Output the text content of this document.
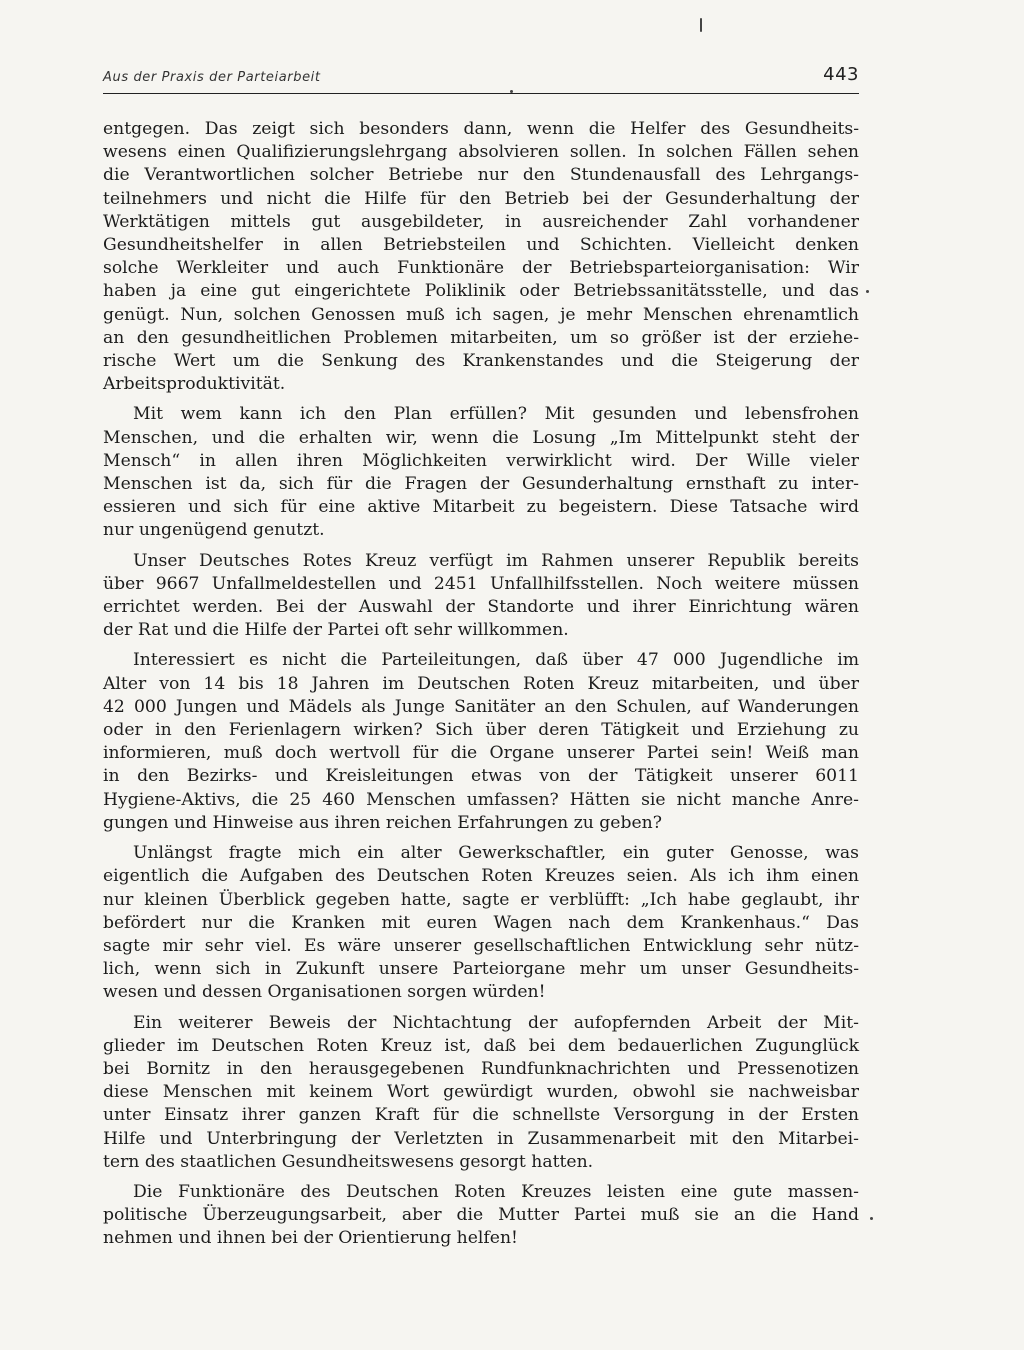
Aus der Praxis der Parteiarbeit	443

entgegen. Das zeigt sich besonders dann, wenn die Helfer des Gesundheits-
wesens einen Qualifizierungslehrgang absolvieren sollen. In solchen Fällen sehen
die Verantwortlichen solcher Betriebe nur den Stundenausfall des Lehrgangs-
teilnehmers und nicht die Hilfe für den Betrieb bei der Gesunderhaltung der
Werktätigen mittels gut ausgebildeter, in ausreichender Zahl vorhandener
Gesundheitshelfer in allen Betriebsteilen und Schichten. Vielleicht denken
solche Werkleiter und auch Funktionäre der Betriebsparteiorganisation: Wir
haben ja eine gut eingerichtete Poliklinik oder Betriebssanitätsstelle, und das
genügt. Nun, solchen Genossen muß ich sagen, je mehr Menschen ehrenamtlich
an den gesundheitlichen Problemen mitarbeiten, um so größer ist der erziehe-
rische Wert um die Senkung des Krankenstandes und die Steigerung der
Arbeitsproduktivität.

Mit wem kann ich den Plan erfüllen? Mit gesunden und lebensfrohen
Menschen, und die erhalten wir, wenn die Losung „Im Mittelpunkt steht der
Mensch“ in allen ihren Möglichkeiten verwirklicht wird. Der Wille vieler
Menschen ist da, sich für die Fragen der Gesunderhaltung ernsthaft zu inter-
essieren und sich für eine aktive Mitarbeit zu begeistern. Diese Tatsache wird
nur ungenügend genutzt.

Unser Deutsches Rotes Kreuz verfügt im Rahmen unserer Republik bereits
über 9667 Unfallmeldestellen und 2451 Unfallhilfsstellen. Noch weitere müssen
errichtet werden. Bei der Auswahl der Standorte und ihrer Einrichtung wären
der Rat und die Hilfe der Partei oft sehr willkommen.

Interessiert es nicht die Parteileitungen, daß über 47 000 Jugendliche im
Alter von 14 bis 18 Jahren im Deutschen Roten Kreuz mitarbeiten, und über
42 000 Jungen und Mädels als Junge Sanitäter an den Schulen, auf Wanderungen
oder in den Ferienlagern wirken? Sich über deren Tätigkeit und Erziehung zu
informieren, muß doch wertvoll für die Organe unserer Partei sein! Weiß man
in den Bezirks- und Kreisleitungen etwas von der Tätigkeit unserer 6011
Hygiene-Aktivs, die 25 460 Menschen umfassen? Hätten sie nicht manche Anre-
gungen und Hinweise aus ihren reichen Erfahrungen zu geben?

Unlängst fragte mich ein alter Gewerkschaftler, ein guter Genosse, was
eigentlich die Aufgaben des Deutschen Roten Kreuzes seien. Als ich ihm einen
nur kleinen Überblick gegeben hatte, sagte er verblüfft: „Ich habe geglaubt, ihr
befördert nur die Kranken mit euren Wagen nach dem Krankenhaus.“ Das
sagte mir sehr viel. Es wäre unserer gesellschaftlichen Entwicklung sehr nütz-
lich, wenn sich in Zukunft unsere Parteiorgane mehr um unser Gesundheits-
wesen und dessen Organisationen sorgen würden!

Ein weiterer Beweis der Nichtachtung der aufopfernden Arbeit der Mit-
glieder im Deutschen Roten Kreuz ist, daß bei dem bedauerlichen Zugunglück
bei Bornitz in den herausgegebenen Rundfunknachrichten und Pressenotizen
diese Menschen mit keinem Wort gewürdigt wurden, obwohl sie nachweisbar
unter Einsatz ihrer ganzen Kraft für die schnellste Versorgung in der Ersten
Hilfe und Unterbringung der Verletzten in Zusammenarbeit mit den Mitarbei-
tern des staatlichen Gesundheitswesens gesorgt hatten.

Die Funktionäre des Deutschen Roten Kreuzes leisten eine gute massen-
politische Überzeugungsarbeit, aber die Mutter Partei muß sie an die Hand
nehmen und ihnen bei der Orientierung helfen!
